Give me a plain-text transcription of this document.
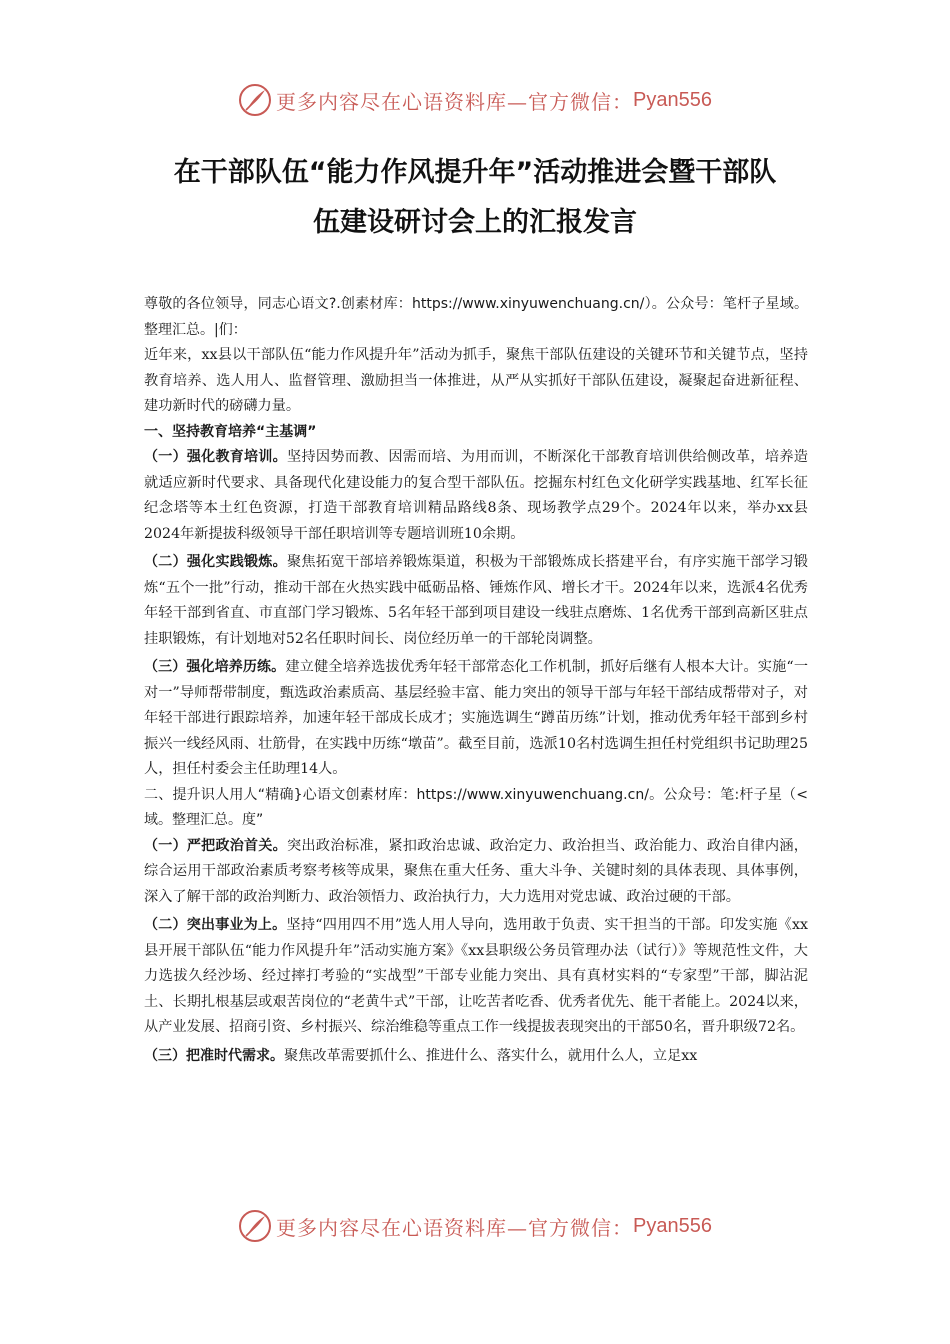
更多内容尽在心语资料库—官方微信： Pyan556
在干部队伍“能力作风提升年”活动推进会暨干部队
伍建设研讨会上的汇报发言

尊敬的各位领导，同志心语文?.创素材库：https://www.xinyuwenchuang.cn/）。公众号：笔杆子星域。整理汇总。|们：

近年来，xx县以干部队伍“能力作风提升年”活动为抓手，聚焦干部队伍建设的关键环节和关键节点，坚持教育培养、选人用人、监督管理、激励担当一体推进，从严从实抓好干部队伍建设，凝聚起奋进新征程、建功新时代的磅礴力量。

一、坚持教育培养“主基调”

（一）强化教育培训。坚持因势而教、因需而培、为用而训，不断深化干部教育培训供给侧改革，培养造就适应新时代要求、具备现代化建设能力的复合型干部队伍。挖掘东村红色文化研学实践基地、红军长征纪念塔等本土红色资源，打造干部教育培训精品路线8条、现场教学点29个。2024年以来，举办xx县2024年新提拔科级领导干部任职培训等专题培训班10余期。

（二）强化实践锻炼。聚焦拓宽干部培养锻炼渠道，积极为干部锻炼成长搭建平台，有序实施干部学习锻炼“五个一批”行动，推动干部在火热实践中砥砺品格、锤炼作风、增长才干。2024年以来，选派4名优秀年轻干部到省直、市直部门学习锻炼、5名年轻干部到项目建设一线驻点磨炼、1名优秀干部到高新区驻点挂职锻炼，有计划地对52名任职时间长、岗位经历单一的干部轮岗调整。

（三）强化培养历练。建立健全培养选拔优秀年轻干部常态化工作机制，抓好后继有人根本大计。实施“一对一”导师帮带制度，甄选政治素质高、基层经验丰富、能力突出的领导干部与年轻干部结成帮带对子，对年轻干部进行跟踪培养，加速年轻干部成长成才；实施选调生“蹲苗历练”计划，推动优秀年轻干部到乡村振兴一线经风雨、壮筋骨，在实践中历练“墩苗”。截至目前，选派10名村选调生担任村党组织书记助理25人，担任村委会主任助理14人。

二、提升识人用人“精确}心语文创素材库：https://www.xinyuwenchuang.cn/。公众号：笔:杆子星（<域。整理汇总。度”

（一）严把政治首关。突出政治标准，紧扣政治忠诚、政治定力、政治担当、政治能力、政治自律内涵，综合运用干部政治素质考察考核等成果，聚焦在重大任务、重大斗争、关键时刻的具体表现、具体事例，深入了解干部的政治判断力、政治领悟力、政治执行力，大力选用对党忠诚、政治过硬的干部。

（二）突出事业为上。坚持“四用四不用”选人用人导向，选用敢于负责、实干担当的干部。印发实施《xx县开展干部队伍“能力作风提升年”活动实施方案》《xx县职级公务员管理办法（试行）》等规范性文件，大力选拔久经沙场、经过摔打考验的“实战型”干部专业能力突出、具有真材实料的“专家型”干部，脚沾泥土、长期扎根基层或艰苦岗位的“老黄牛式”干部，让吃苦者吃香、优秀者优先、能干者能上。2024以来，从产业发展、招商引资、乡村振兴、综治维稳等重点工作一线提拔表现突出的干部50名，晋升职级72名。

（三）把准时代需求。聚焦改革需要抓什么、推进什么、落实什么，就用什么人，立足xx

更多内容尽在心语资料库—官方微信： Pyan556
